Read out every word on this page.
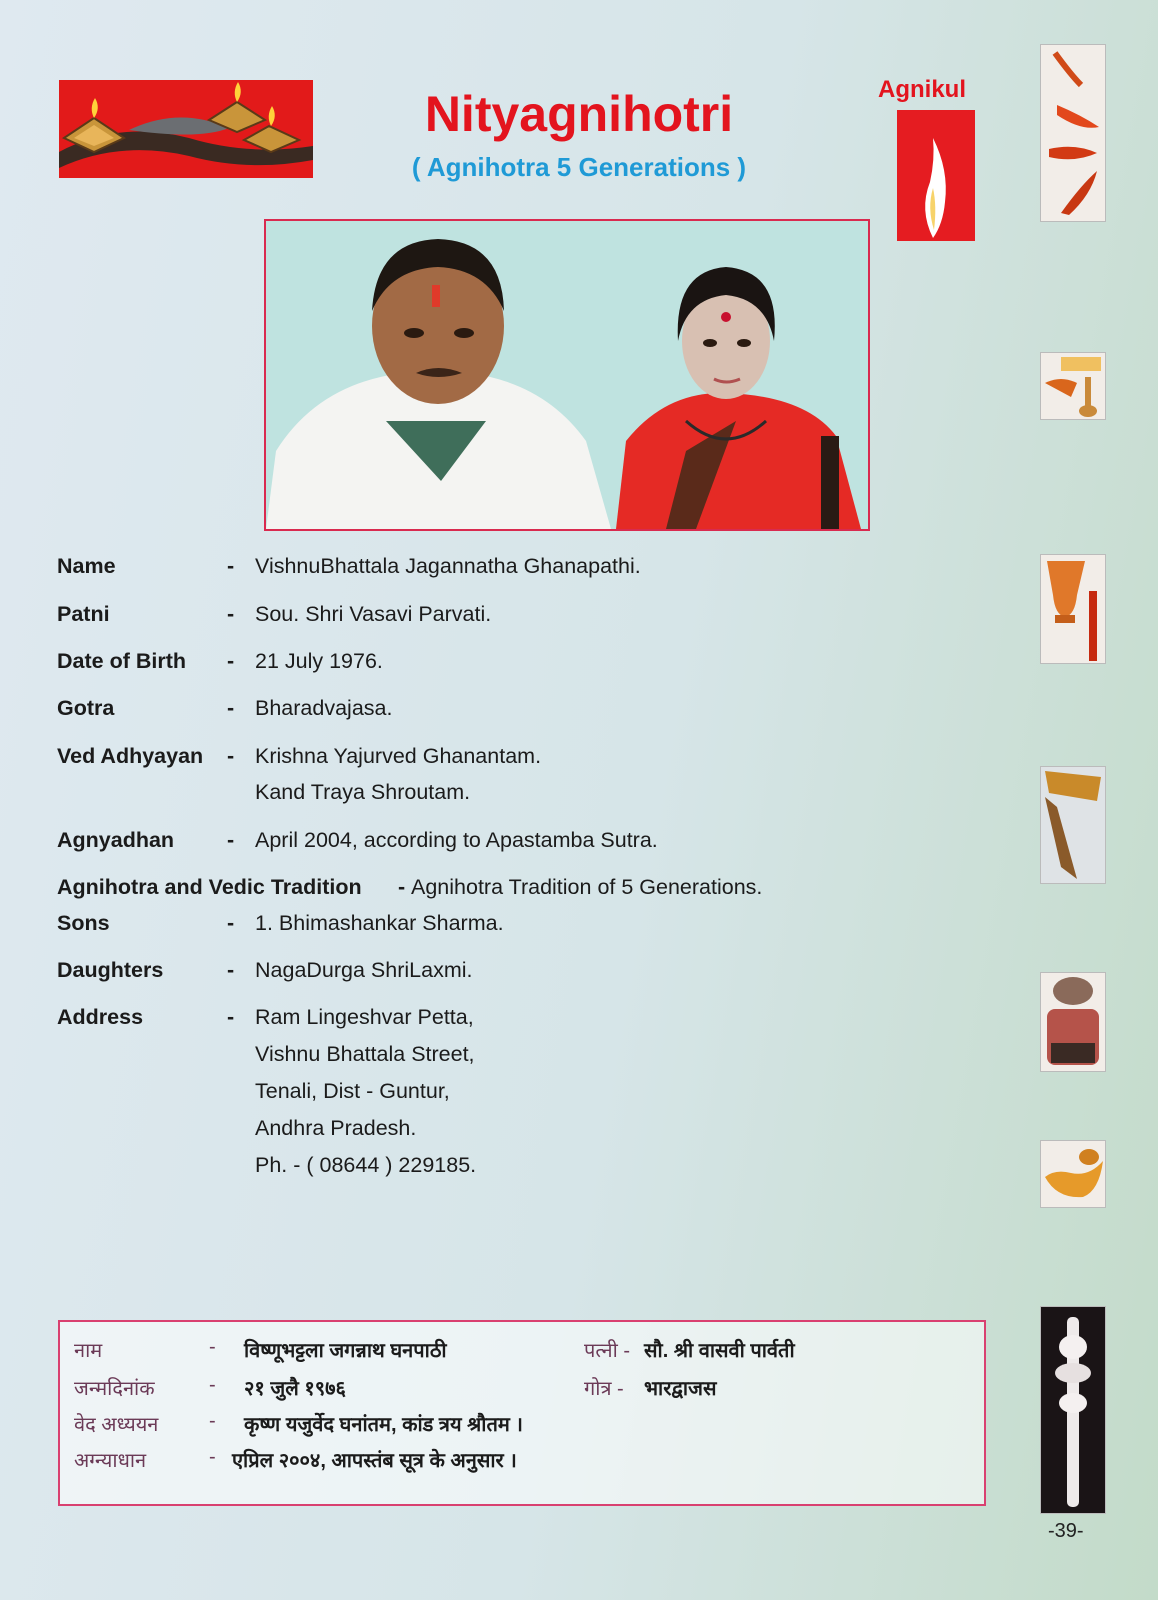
Nityagnihotri
( Agnihotra 5 Generations )
Agnikul
Name	- VishnuBhattala Jagannatha Ghanapathi.
Patni	- Sou. Shri Vasavi Parvati.
Date of Birth - 21 July 1976.
Gotra	- Bharadvajasa.
Ved Adhyayan - Krishna Yajurved Ghanantam.
Kand Traya Shroutam.
Agnyadhan - April 2004, according to Apastamba Sutra.
Agnihotra and Vedic Tradition - Agnihotra Tradition of 5 Generations.
Sons	- 1. Bhimashankar Sharma.
Daughters	- NagaDurga ShriLaxmi.
Address	- Ram Lingeshvar Petta,
Vishnu Bhattala Street,
Tenali, Dist - Guntur,
Andhra Pradesh.
Ph. - ( 08644 ) 229185.
नाम	- विष्णूभट्टला जगन्नाथ घनपाठी	पत्नी - सौ. श्री वासवी पार्वती
जन्मदिनांक	- २१ जुलै १९७६	गोत्र - भारद्वाजस
वेद अध्ययन	- कृष्ण यजुर्वेद घनांतम, कांड त्रय श्रौतम ।
अग्न्याधान	- एप्रिल २००४, आपस्तंब सूत्र के अनुसार ।
-39-
